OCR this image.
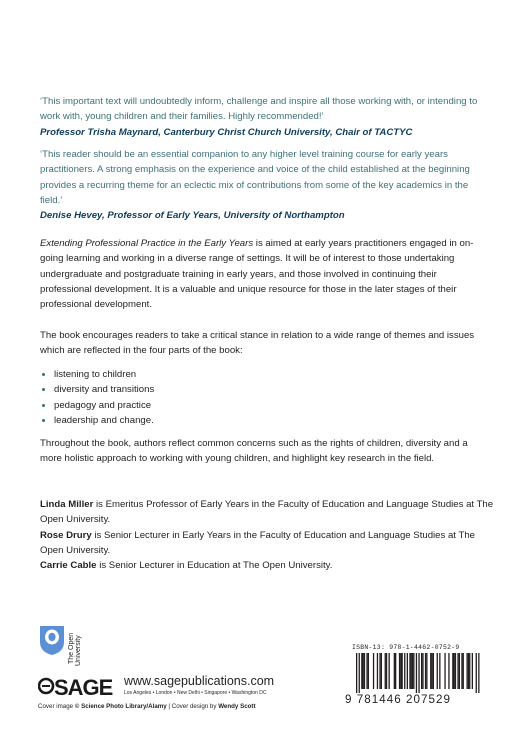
‘This important text will undoubtedly inform, challenge and inspire all those working with, or intending to work with, young children and their families. Highly recommended!’

Professor Trisha Maynard, Canterbury Christ Church University, Chair of TACTYC

‘This reader should be an essential companion to any higher level training course for early years practitioners. A strong emphasis on the experience and voice of the child established at the beginning provides a recurring theme for an eclectic mix of contributions from some of the key academics in the field.’

Denise Hevey, Professor of Early Years, University of Northampton

Extending Professional Practice in the Early Years is aimed at early years practitioners engaged in on-going learning and working in a diverse range of settings. It will be of interest to those undertaking undergraduate and postgraduate training in early years, and those involved in continuing their professional development. It is a valuable and unique resource for those in the later stages of their professional development.

The book encourages readers to take a critical stance in relation to a wide range of themes and issues which are reflected in the four parts of the book:

listening to children
diversity and transitions
pedagogy and practice
leadership and change.

Throughout the book, authors reflect common concerns such as the rights of children, diversity and a more holistic approach to working with young children, and highlight key research in the field.

Linda Miller is Emeritus Professor of Early Years in the Faculty of Education and Language Studies at The Open University.

Rose Drury is Senior Lecturer in Early Years in the Faculty of Education and Language Studies at The Open University.

Carrie Cable is Senior Lecturer in Education at The Open University.

The Open University
SAGE www.sagepublications.com
Los Angeles • London • New Delhi • Singapore • Washington DC
Cover image © Science Photo Library/Alamy | Cover design by Wendy Scott
ISBN-13: 978-1-4462-0752-9
9 781446 207529
